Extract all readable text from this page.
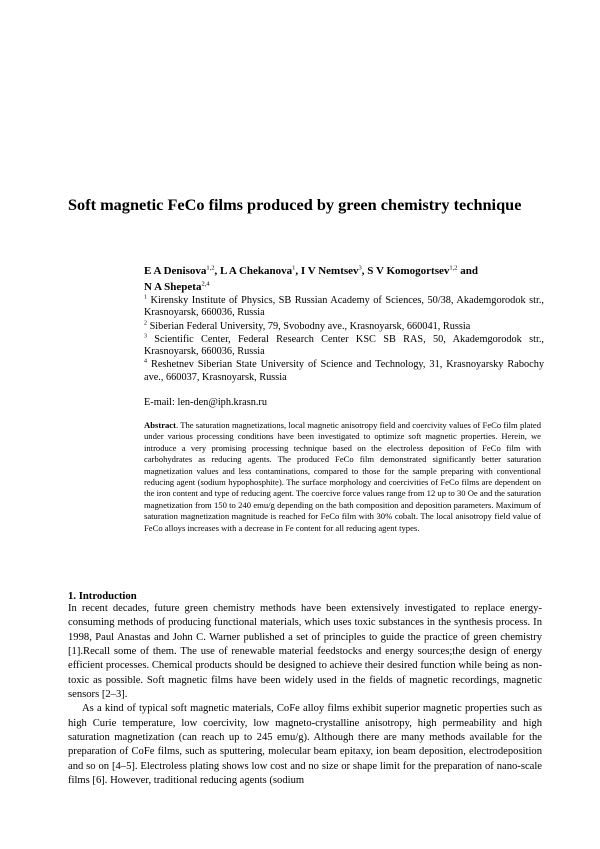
Soft magnetic FeCo films produced by green chemistry technique
E A Denisova$^{1,2}$, L A Chekanova$^1$, I V Nemtsev$^3$, S V Komogortsev$^{1,2}$ and
N A Shepeta$^{2,4}$

$^1$ Kirensky Institute of Physics, SB Russian Academy of Sciences, 50/38, Akademgorodok str., Krasnoyarsk, 660036, Russia

$^2$ Siberian Federal University, 79, Svobodny ave., Krasnoyarsk, 660041, Russia

$^3$ Scientific Center, Federal Research Center KSC SB RAS, 50, Akademgorodok str., Krasnoyarsk, 660036, Russia

$^4$ Reshetnev Siberian State University of Science and Technology, 31, Krasnoyarsky Rabochy ave., 660037, Krasnoyarsk, Russia

E-mail: len-den@iph.krasn.ru
Abstract. The saturation magnetizations, local magnetic anisotropy field and coercivity values of FeCo film plated under various processing conditions have been investigated to optimize soft magnetic properties. Herein, we introduce a very promising processing technique based on the electroless deposition of FeCo film with carbohydrates as reducing agents. The produced FeCo film demonstrated significantly better saturation magnetization values and less contaminations, compared to those for the sample preparing with conventional reducing agent (sodium hypophosphite). The surface morphology and coercivities of FeCo films are dependent on the iron content and type of reducing agent. The coercive force values range from 12 up to 30 Oe and the saturation magnetization from 150 to 240 emu/g depending on the bath composition and deposition parameters. Maximum of saturation magnetization magnitude is reached for FeCo film with 30% cobalt. The local anisotropy field value of FeCo alloys increases with a decrease in Fe content for all reducing agent types.
1. Introduction

In recent decades, future green chemistry methods have been extensively investigated to replace energy-consuming methods of producing functional materials, which uses toxic substances in the synthesis process. In 1998, Paul Anastas and John C. Warner published a set of principles to guide the practice of green chemistry [1].Recall some of them. The use of renewable material feedstocks and energy sources;the design of energy efficient processes. Chemical products should be designed to achieve their desired function while being as non-toxic as possible. Soft magnetic films have been widely used in the fields of magnetic recordings, magnetic sensors [2–3].

As a kind of typical soft magnetic materials, CoFe alloy films exhibit superior magnetic properties such as high Curie temperature, low coercivity, low magneto-crystalline anisotropy, high permeability and high saturation magnetization (can reach up to 245 emu/g). Although there are many methods available for the preparation of CoFe films, such as sputtering, molecular beam epitaxy, ion beam deposition, electrodeposition and so on [4–5]. Electroless plating shows low cost and no size or shape limit for the preparation of nano-scale films [6]. However, traditional reducing agents (sodium
